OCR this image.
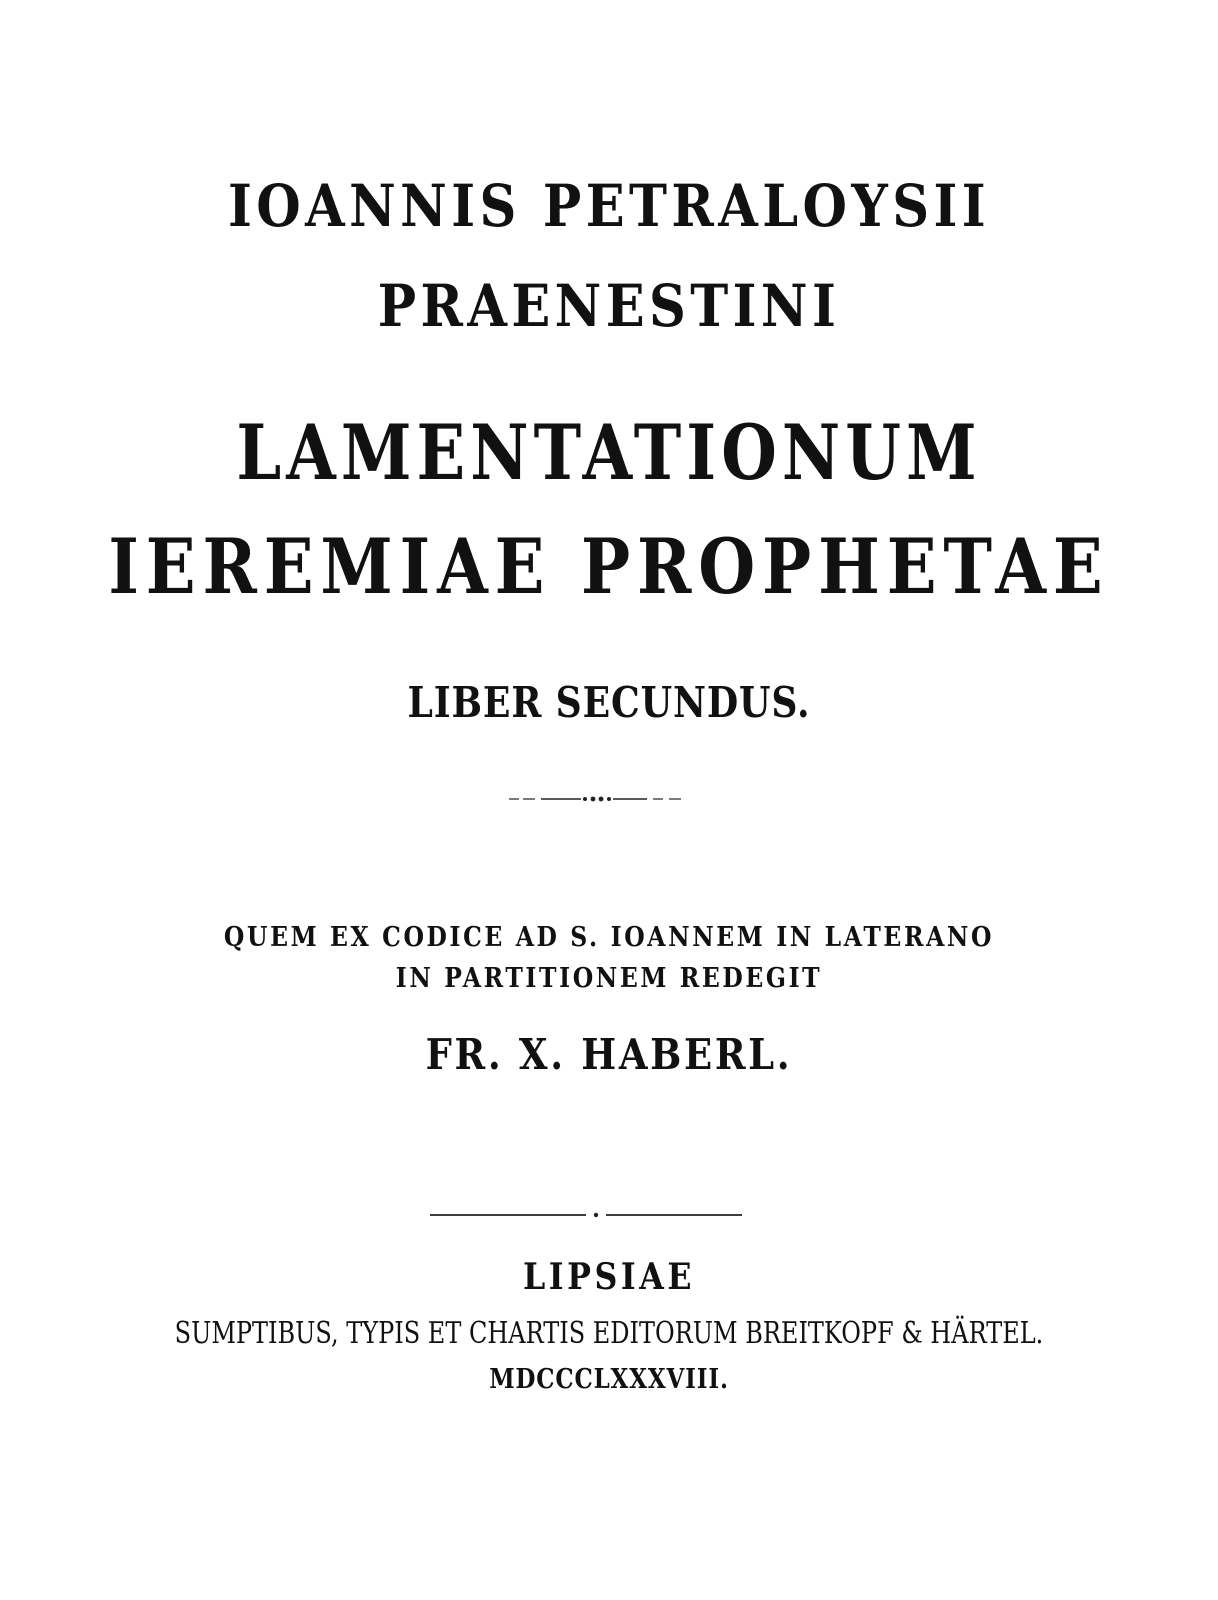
IOANNIS PETRALOYSII
PRAENESTINI
LAMENTATIONUM
IEREMIAE PROPHETAE
LIBER SECUNDUS.
QUEM EX CODICE AD S. IOANNEM IN LATERANO
IN PARTITIONEM REDEGIT
FR. X. HABERL.
LIPSIAE
SUMPTIBUS, TYPIS ET CHARTIS EDITORUM BREITKOPF & HÄRTEL.
MDCCCLXXXVIII.
